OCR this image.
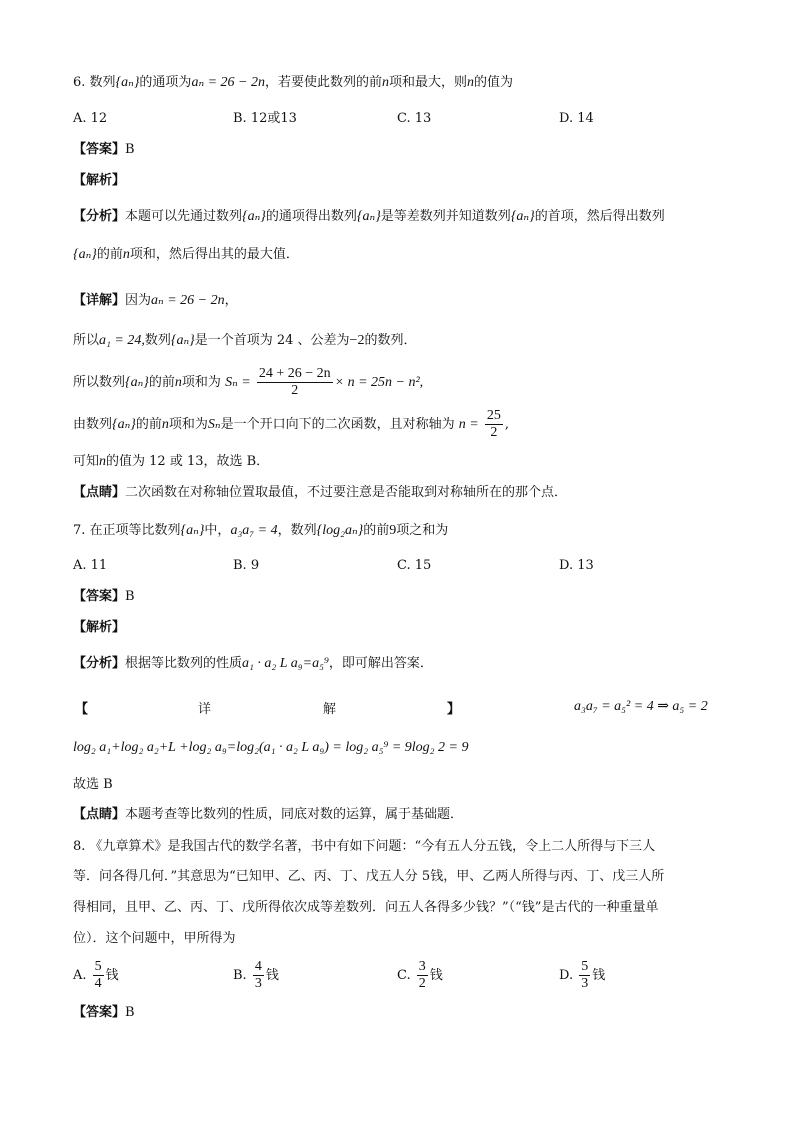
6. 数列{aₙ}的通项为aₙ = 26 − 2n，若要使此数列的前n项和最大，则n的值为
A. 12	B. 12或13	C. 13	D. 14
【答案】B
【解析】
【分析】本题可以先通过数列{aₙ}的通项得出数列{aₙ}是等差数列并知道数列{aₙ}的首项，然后得出数列
{aₙ}的前n项和，然后得出其的最大值．
【详解】因为aₙ = 26 − 2n，
所以a₁ = 24,数列{aₙ}是一个首项为 24 、公差为−2的数列．
所以数列{aₙ}的前n项和为 $S_n = \frac{24 + 26 - 2n}{2} \times n = 25n - n^2$,
由数列{aₙ}的前n项和为Sₙ是一个开口向下的二次函数，且对称轴为 $n = \frac{25}{2}$ ,
可知n的值为 12 或 13，故选 B．
【点睛】二次函数在对称轴位置取最值，不过要注意是否能取到对称轴所在的那个点．
7. 在正项等比数列{aₙ}中，a₃a₇ = 4，数列{log₂aₙ}的前9项之和为
A. 11	B. 9	C. 15	D. 13
【答案】B
【解析】
【分析】根据等比数列的性质a₁ · a₂ L a₉=a₅⁹，即可解出答案．
【	详	解	】	a₃a₇ = a₅² = 4 ⇒ a₅ = 2
log₂ a₁+log₂ a₂+L +log₂ a₉=log₂(a₁ · a₂ L a₉) = log₂ a₅⁹ = 9log₂ 2 = 9
故选 B
【点睛】本题考查等比数列的性质，同底对数的运算，属于基础题．
8. 《九章算术》是我国古代的数学名著，书中有如下问题：“今有五人分五钱，令上二人所得与下三人
等．问各得几何．”其意思为“已知甲、乙、丙、丁、戊五人分 5钱，甲、乙两人所得与丙、丁、戊三人所
得相同，且甲、乙、丙、丁、戊所得依次成等差数列．问五人各得多少钱？”（“钱”是古代的一种重量单
位）．这个问题中，甲所得为
A. $\frac{5}{4}$ 钱	B. $\frac{4}{3}$ 钱	C. $\frac{3}{2}$ 钱	D. $\frac{5}{3}$ 钱
【答案】B
